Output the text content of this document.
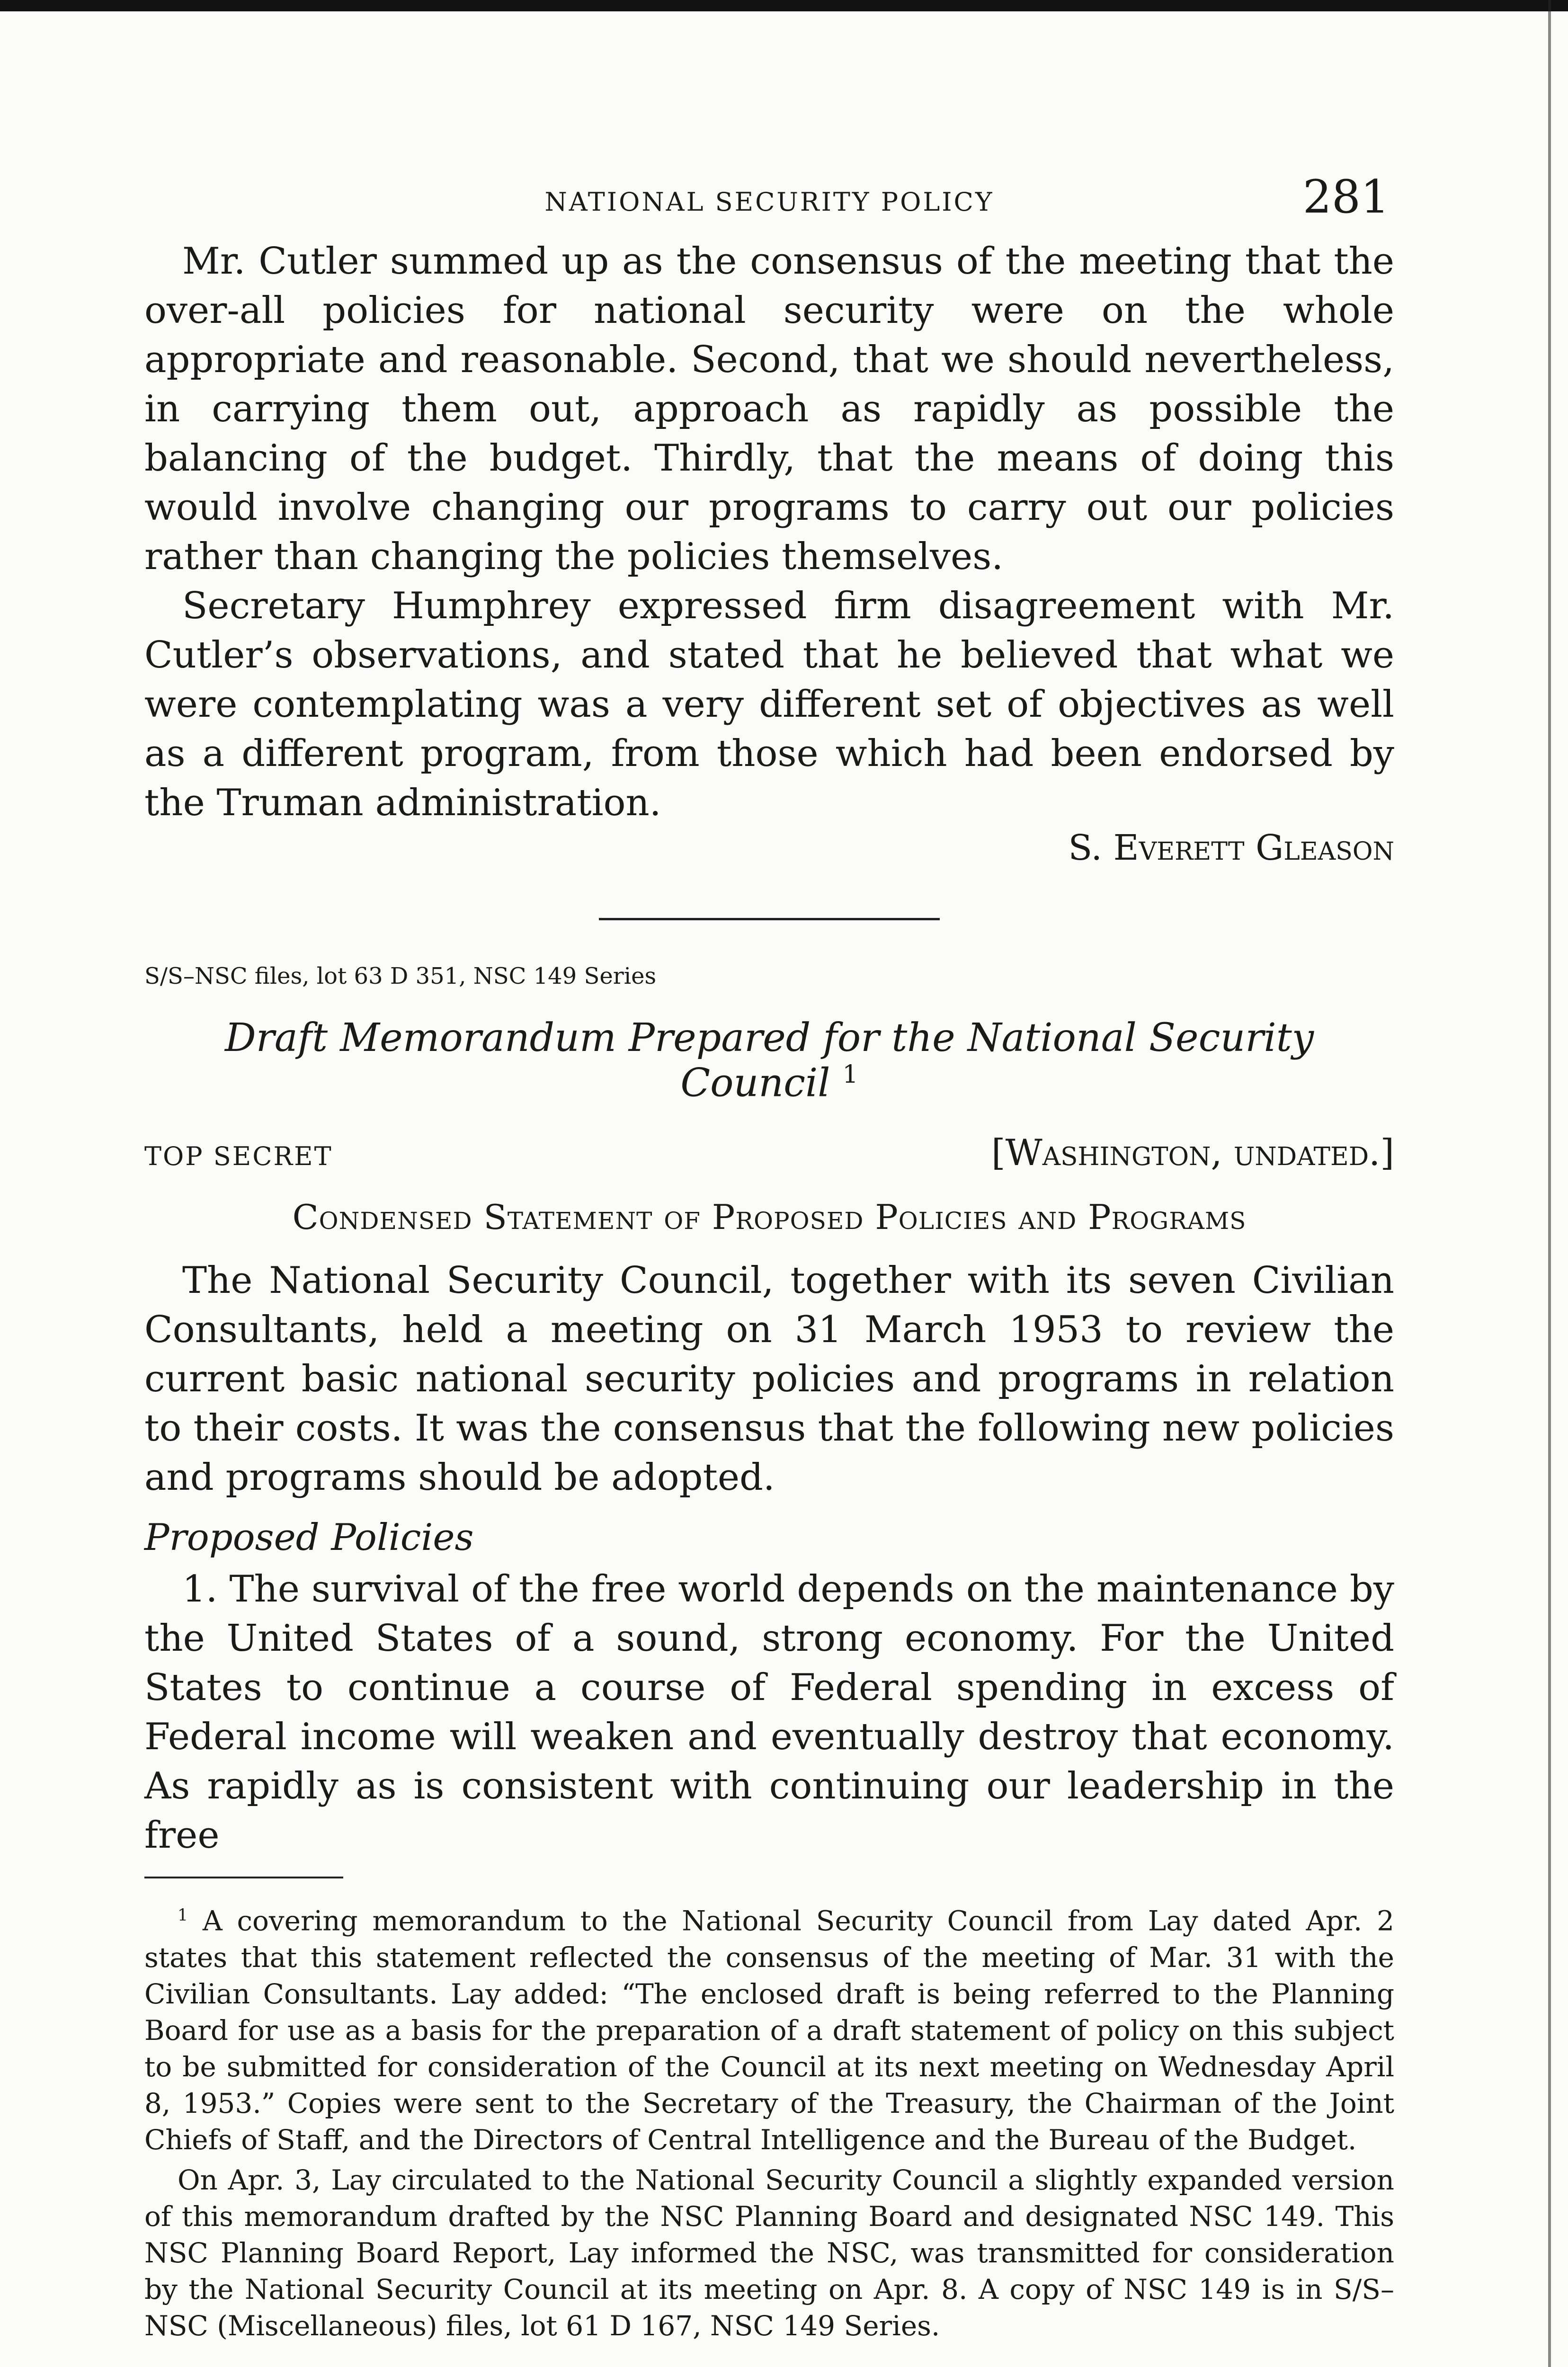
NATIONAL SECURITY POLICY	281

Mr. Cutler summed up as the consensus of the meeting that the over-all policies for national security were on the whole appropriate and reasonable. Second, that we should nevertheless, in carrying them out, approach as rapidly as possible the balancing of the budget. Thirdly, that the means of doing this would involve changing our programs to carry out our policies rather than changing the policies themselves.

Secretary Humphrey expressed firm disagreement with Mr. Cutler’s observations, and stated that he believed that what we were contemplating was a very different set of objectives as well as a different program, from those which had been endorsed by the Truman administration.

S. Everett Gleason
S/S–NSC files, lot 63 D 351, NSC 149 Series
Draft Memorandum Prepared for the National Security Council $^1$
TOP SECRET	[Washington, undated.]
Condensed Statement of Proposed Policies and Programs

The National Security Council, together with its seven Civilian Consultants, held a meeting on 31 March 1953 to review the current basic national security policies and programs in relation to their costs. It was the consensus that the following new policies and programs should be adopted.

Proposed Policies

1. The survival of the free world depends on the maintenance by the United States of a sound, strong economy. For the United States to continue a course of Federal spending in excess of Federal income will weaken and eventually destroy that economy. As rapidly as is consistent with continuing our leadership in the free

$^1$ A covering memorandum to the National Security Council from Lay dated Apr. 2 states that this statement reflected the consensus of the meeting of Mar. 31 with the Civilian Consultants. Lay added: “The enclosed draft is being referred to the Planning Board for use as a basis for the preparation of a draft statement of policy on this subject to be submitted for consideration of the Council at its next meeting on Wednesday April 8, 1953.” Copies were sent to the Secretary of the Treasury, the Chairman of the Joint Chiefs of Staff, and the Directors of Central Intelligence and the Bureau of the Budget.

On Apr. 3, Lay circulated to the National Security Council a slightly expanded version of this memorandum drafted by the NSC Planning Board and designated NSC 149. This NSC Planning Board Report, Lay informed the NSC, was transmitted for consideration by the National Security Council at its meeting on Apr. 8. A copy of NSC 149 is in S/S–NSC (Miscellaneous) files, lot 61 D 167, NSC 149 Series.
